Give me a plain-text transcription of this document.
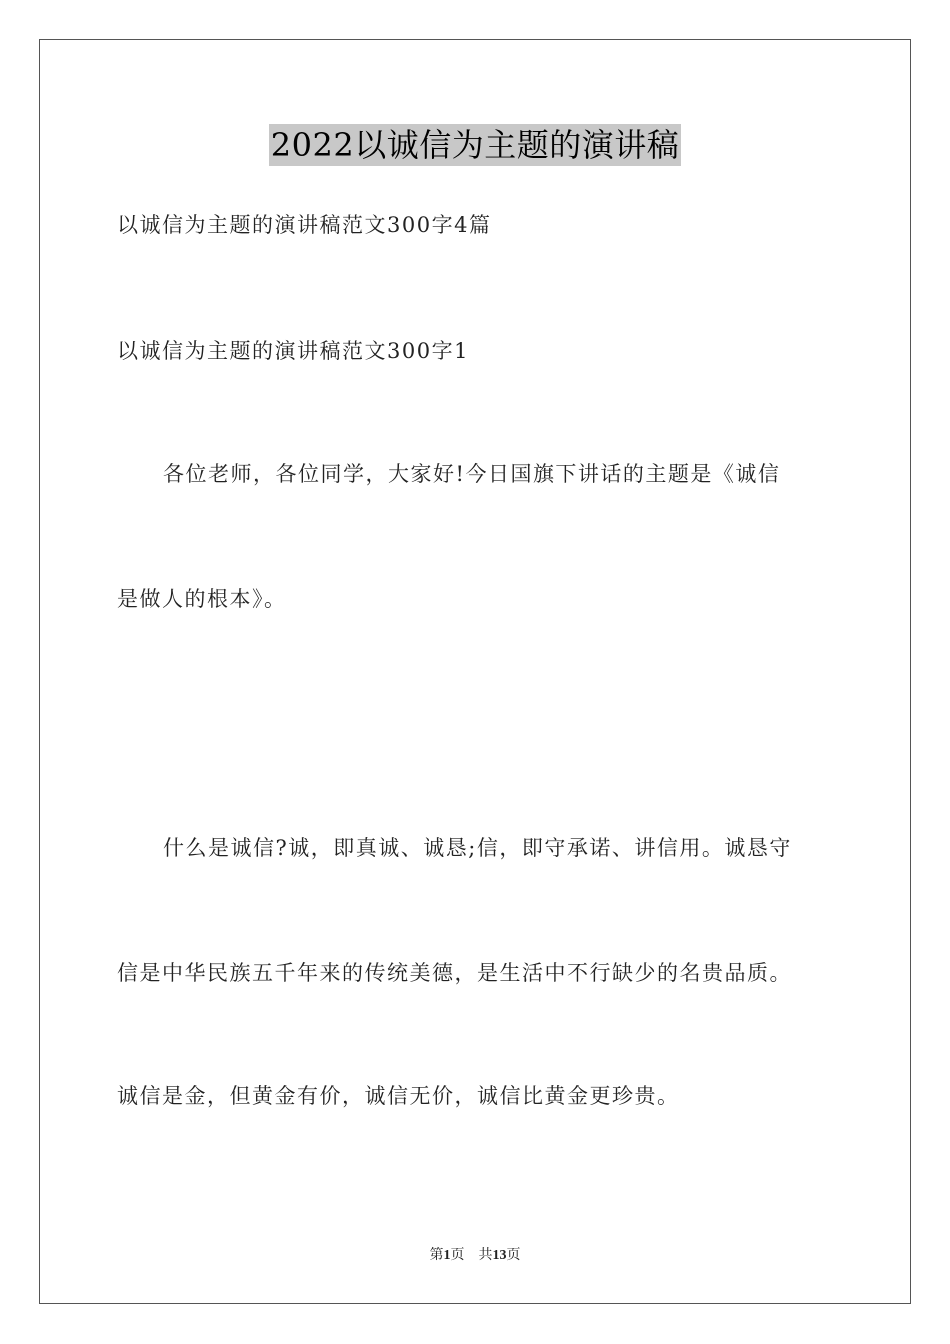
2022以诚信为主题的演讲稿
以诚信为主题的演讲稿范文300字4篇
以诚信为主题的演讲稿范文300字1
各位老师，各位同学，大家好!今日国旗下讲话的主题是《诚信
是做人的根本》。
什么是诚信?诚，即真诚、诚恳;信，即守承诺、讲信用。诚恳守
信是中华民族五千年来的传统美德，是生活中不行缺少的名贵品质。
诚信是金，但黄金有价，诚信无价，诚信比黄金更珍贵。
第1页　共13页
